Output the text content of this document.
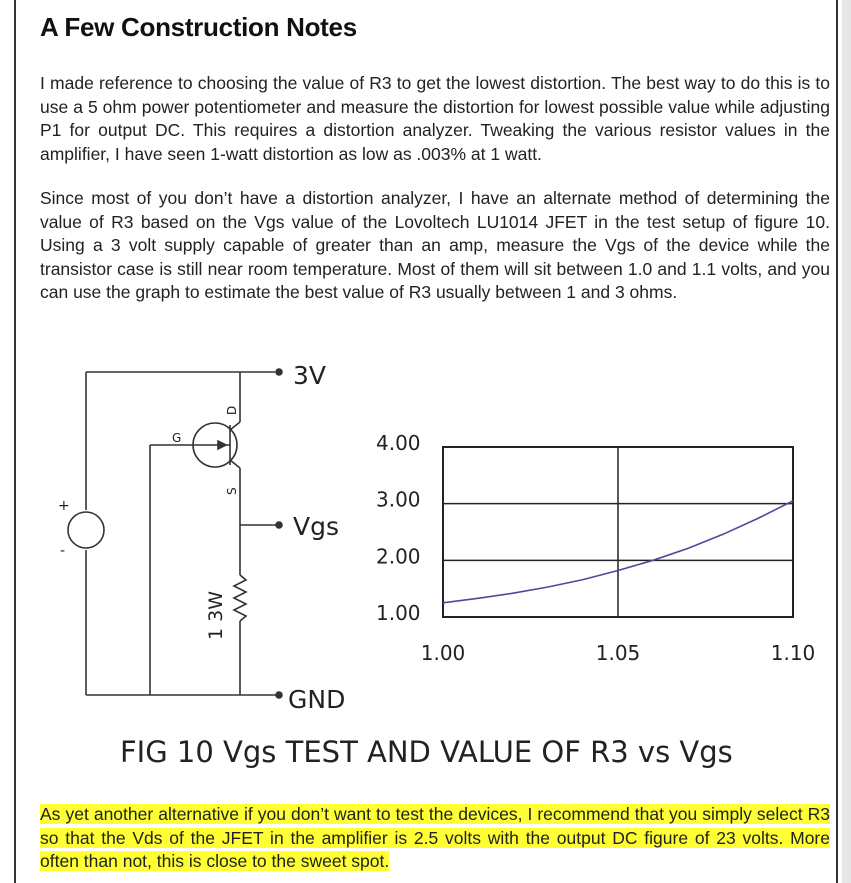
A Few Construction Notes

I made reference to choosing the value of R3 to get the lowest distortion. The best way to do this is to use a 5 ohm power potentiometer and measure the distortion for lowest possible value while adjusting P1 for output DC. This requires a distortion analyzer. Tweaking the various resistor values in the amplifier, I have seen 1-watt distortion as low as .003% at 1 watt.

Since most of you don’t have a distortion analyzer, I have an alternate method of determining the value of R3 based on the Vgs value of the Lovoltech LU1014 JFET in the test setup of figure 10. Using a 3 volt supply capable of greater than an amp, measure the Vgs of the device while the transistor case is still near room temperature. Most of them will sit between 1.0 and 1.1 volts, and you can use the graph to estimate the best value of R3 usually between 1 and 3 ohms.

3V
Vgs
GND
G
D
S
1 3W
+
-
4.00
3.00
2.00
1.00
1.00	1.05	1.10
FIG 10 Vgs TEST AND VALUE OF R3 vs Vgs

As yet another alternative if you don’t want to test the devices, I recommend that you simply select R3 so that the Vds of the JFET in the amplifier is 2.5 volts with the output DC figure of 23 volts. More often than not, this is close to the sweet spot.
